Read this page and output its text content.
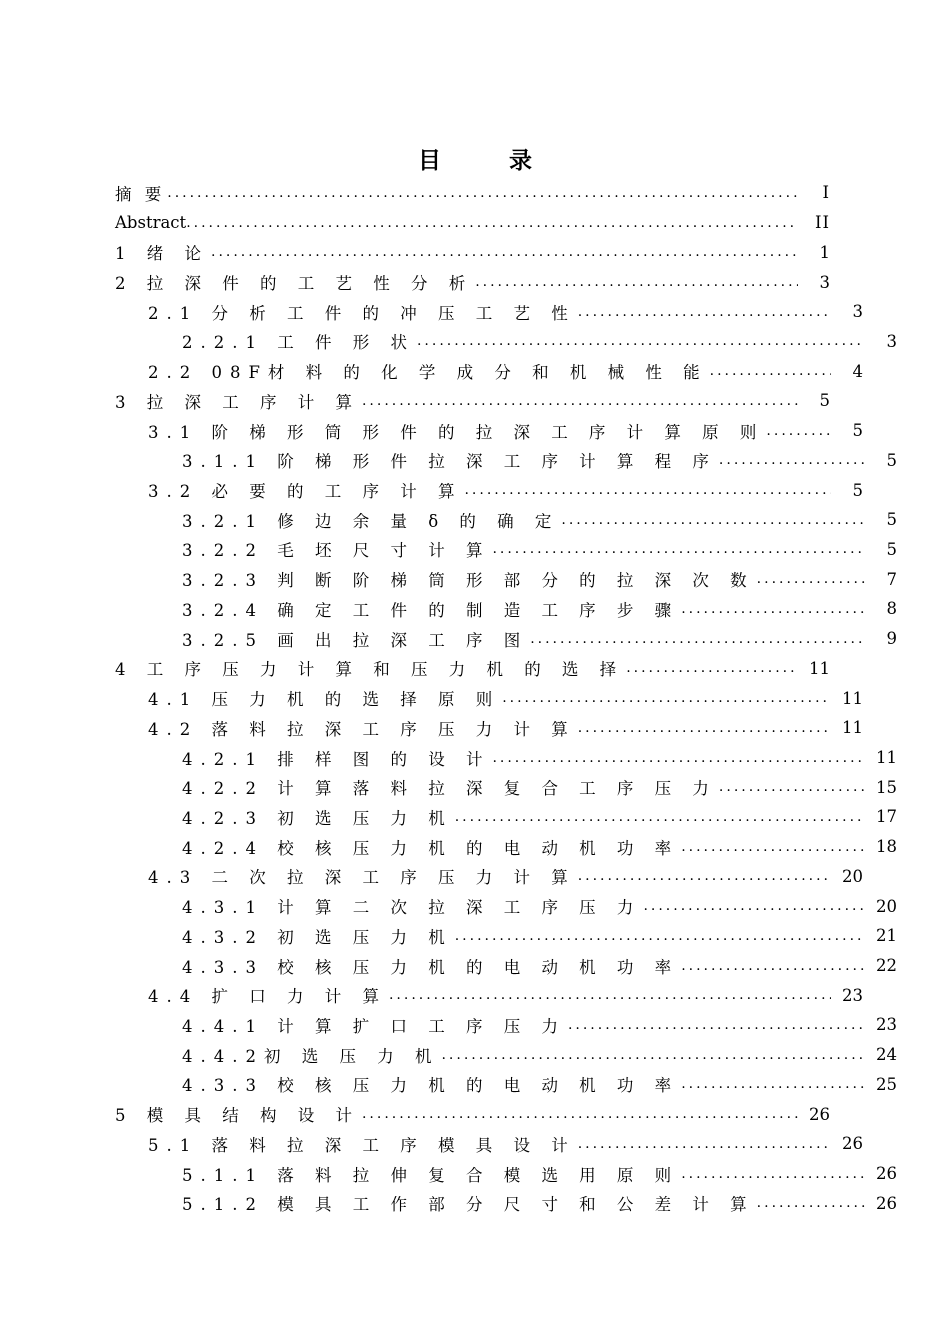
目 录
摘 要 .....	I
Abstract .....	II
1 绪 论 .....	1
2 拉 深 件 的 工 艺 性 分 析 .....	3
2.1 分 析 工 件 的 冲 压 工 艺 性 .....	3
2.2.1 工 件 形 状 .....	3
2.2 08F材 料 的 化 学 成 分 和 机 械 性 能 .....	4
3 拉 深 工 序 计 算 .....	5
3.1 阶 梯 形 筒 形 件 的 拉 深 工 序 计 算 原 则 .....	5
3.1.1 阶 梯 形 件 拉 深 工 序 计 算 程 序 .....	5
3.2 必 要 的 工 序 计 算 .....	5
3.2.1 修 边 余 量 δ 的 确 定 .....	5
3.2.2 毛 坯 尺 寸 计 算 .....	5
3.2.3 判 断 阶 梯 筒 形 部 分 的 拉 深 次 数 .....	7
3.2.4 确 定 工 件 的 制 造 工 序 步 骤 .....	8
3.2.5 画 出 拉 深 工 序 图 .....	9
4 工 序 压 力 计 算 和 压 力 机 的 选 择 .....	11
4.1 压 力 机 的 选 择 原 则 .....	11
4.2 落 料 拉 深 工 序 压 力 计 算 .....	11
4.2.1 排 样 图 的 设 计 .....	11
4.2.2 计 算 落 料 拉 深 复 合 工 序 压 力 .....	15
4.2.3 初 选 压 力 机 .....	17
4.2.4 校 核 压 力 机 的 电 动 机 功 率 .....	18
4.3 二 次 拉 深 工 序 压 力 计 算 .....	20
4.3.1 计 算 二 次 拉 深 工 序 压 力 .....	20
4.3.2 初 选 压 力 机 .....	21
4.3.3 校 核 压 力 机 的 电 动 机 功 率 .....	22
4.4 扩 口 力 计 算 .....	23
4.4.1 计 算 扩 口 工 序 压 力 .....	23
4.4.2初 选 压 力 机 .....	24
4.3.3 校 核 压 力 机 的 电 动 机 功 率 .....	25
5 模 具 结 构 设 计 .....	26
5.1 落 料 拉 深 工 序 模 具 设 计 .....	26
5.1.1 落 料 拉 伸 复 合 模 选 用 原 则 .....	26
5.1.2 模 具 工 作 部 分 尺 寸 和 公 差 计 算 .....	26
